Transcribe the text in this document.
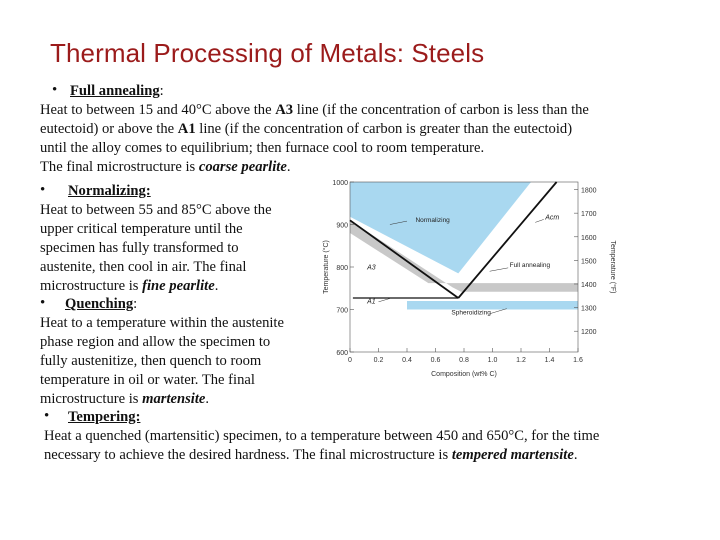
Thermal Processing of Metals: Steels
• Full annealing:
Heat to between 15 and 40°C above the A3 line (if the concentration of carbon is less than the
eutectoid) or above the A1 line (if the concentration of carbon is greater than the eutectoid)
until the alloy comes to equilibrium; then furnace cool to room temperature.
The final microstructure is coarse pearlite.
• Normalizing:
Heat to between 55 and 85°C above the
upper critical temperature until the
specimen has fully transformed to
austenite, then cool in air. The final
microstructure is fine pearlite.
• Quenching:
Heat to a temperature within the austenite
phase region and allow the specimen to
fully austenitize, then quench to room
temperature in oil or water. The final
microstructure is martensite.
• Tempering:
Heat a quenched (martensitic) specimen, to a temperature between 450 and 650°C, for the time
necessary to achieve the desired hardness. The final microstructure is tempered martensite.
1000
900
800
700
600
1800
1700
1600
1500
1400
1300
1200
0	0.2	0.4	0.6	0.8	1.0	1.2	1.4	1.6
Composition (wt% C)
Temperature (°C)	Temperature (°F)
Normalizing
Full annealing
Spheroidizing
A3
A1
Acm
